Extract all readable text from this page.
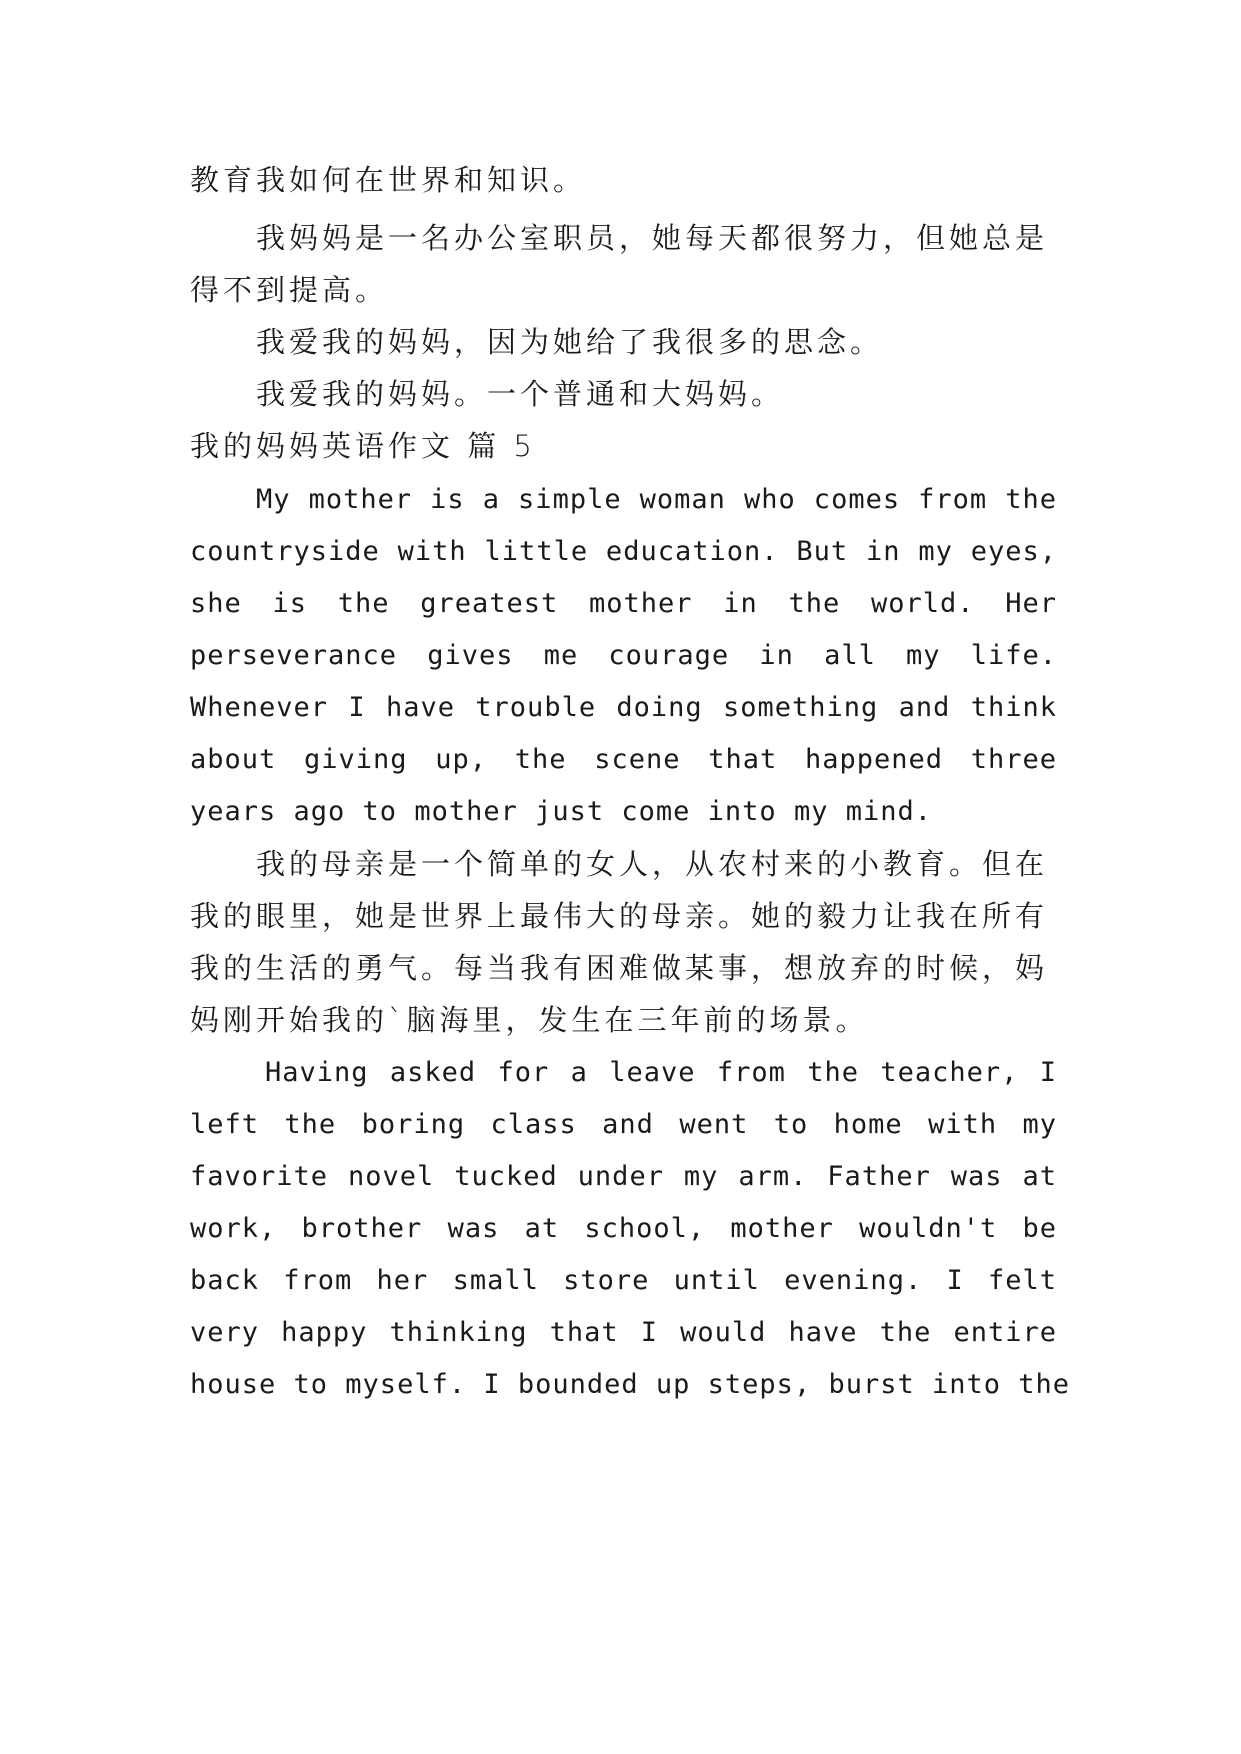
教育我如何在世界和知识。
我妈妈是一名办公室职员，她每天都很努力，但她总是
得不到提高。
我爱我的妈妈，因为她给了我很多的思念。
我爱我的妈妈。一个普通和大妈妈。
我的妈妈英语作文 篇 5
My mother is a simple woman who comes from the
countryside with little education. But in my eyes,
she is the greatest mother in the world. Her
perseverance gives me courage in all my life.
Whenever I have trouble doing something and think
about giving up, the scene that happened three
years ago to mother just come into my mind.
我的母亲是一个简单的女人，从农村来的小教育。但在
我的眼里，她是世界上最伟大的母亲。她的毅力让我在所有
我的生活的勇气。每当我有困难做某事，想放弃的时候，妈
妈刚开始我的`脑海里，发生在三年前的场景。
Having asked for a leave from the teacher, I
left the boring class and went to home with my
favorite novel tucked under my arm. Father was at
work, brother was at school, mother wouldn't be
back from her small store until evening. I felt
very happy thinking that I would have the entire
house to myself. I bounded up steps, burst into the
